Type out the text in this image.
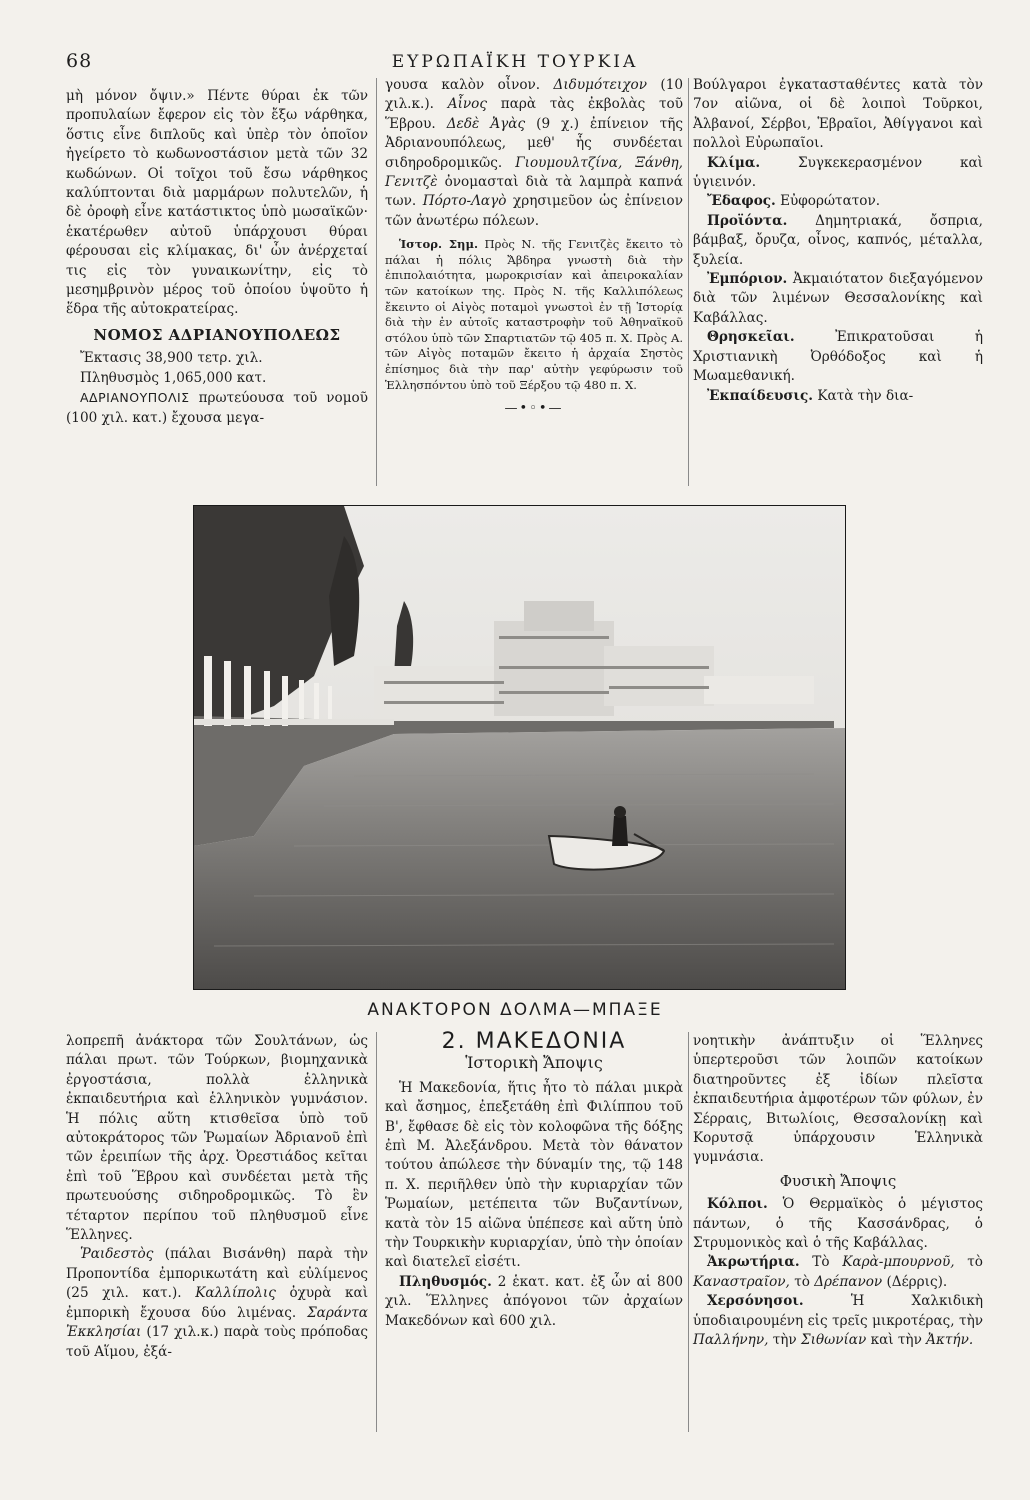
68	ΕΥΡΩΠΑΪΚΗ ΤΟΥΡΚΙΑ

μὴ μόνον ὄψιν.» Πέντε θύραι ἐκ τῶν προπυλαίων ἔφερον εἰς τὸν ἔξω νάρθηκα, ὅστις εἶνε διπλοῦς καὶ ὑπὲρ τὸν ὁποῖον ἠγείρετο τὸ κωδωνοστάσιον μετὰ τῶν 32 κωδώνων. Οἱ τοῖχοι τοῦ ἔσω νάρθηκος καλύπτονται διὰ μαρμάρων πολυτελῶν, ἡ δὲ ὀροφὴ εἶνε κατάστικτος ὑπὸ μωσαϊκῶν· ἑκατέρωθεν αὐτοῦ ὑπάρχουσι θύραι φέρουσαι εἰς κλίμακας, δι' ὧν ἀνέρχεταί τις εἰς τὸν γυναικωνίτην, εἰς τὸ μεσημβρινὸν μέρος τοῦ ὁποίου ὑψοῦτο ἡ ἕδρα τῆς αὐτοκρατείρας.

ΝΟΜΟΣ ΑΔΡΙΑΝΟΥΠΟΛΕΩΣ

Ἔκτασις 38,900 τετρ. χιλ.

Πληθυσμὸς 1,065,000 κατ.

ΑΔΡΙΑΝΟΥΠΟΛΙΣ πρωτεύουσα τοῦ νομοῦ (100 χιλ. κατ.) ἔχουσα μεγα-

γουσα καλὸν οἶνον. Διδυμότειχον (10 χιλ.κ.). Αἶνος παρὰ τὰς ἐκβολὰς τοῦ Ἕβρου. Δεδὲ Ἀγὰς (9 χ.) ἐπίνειον τῆς Ἀδριανουπόλεως, μεθ' ἧς συνδέεται σιδηροδρομικῶς. Γιουμουλτζίνα, Ξάνθη, Γενιτζὲ ὀνομασταὶ διὰ τὰ λαμπρὰ καπνά των. Πόρτο-Λαγὸ χρησιμεῦον ὡς ἐπίνειον τῶν ἀνωτέρω πόλεων.

Ἱστορ. Σημ. Πρὸς Ν. τῆς Γενιτζὲς ἔκειτο τὸ πάλαι ἡ πόλις Ἄβδηρα γνωστὴ διὰ τὴν ἐπιπολαιότητα, μωροκρισίαν καὶ ἀπειροκαλίαν τῶν κατοίκων της. Πρὸς Ν. τῆς Καλλιπόλεως ἔκειντο οἱ Αἰγὸς ποταμοὶ γνωστοὶ ἐν τῇ Ἱστορίᾳ διὰ τὴν ἐν αὐτοῖς καταστροφὴν τοῦ Ἀθηναϊκοῦ στόλου ὑπὸ τῶν Σπαρτιατῶν τῷ 405 π. Χ. Πρὸς Α. τῶν Αἰγὸς ποταμῶν ἔκειτο ἡ ἀρχαία Σηστὸς ἐπίσημος διὰ τὴν παρ' αὐτὴν γεφύρωσιν τοῦ Ἑλλησπόντου ὑπὸ τοῦ Ξέρξου τῷ 480 π. Χ.

—•◦•—

Βούλγαροι ἐγκατασταθέντες κατὰ τὸν 7ον αἰῶνα, οἱ δὲ λοιποὶ Τοῦρκοι, Ἀλβανοί, Σέρβοι, Ἑβραῖοι, Ἀθίγγανοι καὶ πολλοὶ Εὐρωπαῖοι.

Κλίμα.	Συγκεκερασμένον καὶ ὑγιεινόν.

Ἔδαφος. Εὐφορώτατον.

Προϊόντα. Δημητριακά, ὄσπρια, βάμβαξ, ὄρυζα, οἶνος, καπνός, μέταλλα, ξυλεία.

Ἐμπόριον. Ἀκμαιότατον διεξαγόμενον διὰ τῶν λιμένων Θεσσαλονίκης καὶ Καβάλλας.

Θρησκεῖαι.	Ἐπικρατοῦσαι ἡ Χριστιανικὴ Ὀρθόδοξος καὶ ἡ Μωαμεθανική.

Ἐκπαίδευσις. Κατὰ τὴν δια-

ΑΝΑΚΤΟΡΟΝ ΔΟΛΜΑ—ΜΠΑΞΕ

λοπρεπῆ ἀνάκτορα τῶν Σουλτάνων, ὡς πάλαι πρωτ. τῶν Τούρκων, βιομηχανικὰ ἐργοστάσια, πολλὰ ἑλληνικὰ ἐκπαιδευτήρια καὶ ἑλληνικὸν γυμνάσιον. Ἡ πόλις αὕτη κτισθεῖσα ὑπὸ τοῦ αὐτοκράτορος τῶν Ῥωμαίων Ἀδριανοῦ ἐπὶ τῶν ἐρειπίων τῆς ἀρχ. Ὀρεστιάδος κεῖται ἐπὶ τοῦ Ἕβρου καὶ συνδέεται μετὰ τῆς πρωτευούσης σιδηροδρομικῶς. Τὸ ἓν τέταρτον περίπου τοῦ πληθυσμοῦ εἶνε Ἕλληνες.

Ῥαιδεστὸς (πάλαι Βισάνθη) παρὰ τὴν Προποντίδα ἐμπορικωτάτη καὶ εὐλίμενος (25 χιλ. κατ.). Καλλίπολις ὀχυρὰ καὶ ἐμπορικὴ ἔχουσα δύο λιμένας. Σαράντα Ἐκκλησίαι (17 χιλ.κ.) παρὰ τοὺς πρόποδας τοῦ Αἵμου, ἐξά-

2. ΜΑΚΕΔΟΝΙΑ
Ἱστορικὴ Ἄποψις

Ἡ Μακεδονία, ἥτις ἦτο τὸ πάλαι μικρὰ καὶ ἄσημος, ἐπεξετάθη ἐπὶ Φιλίππου τοῦ Β', ἔφθασε δὲ εἰς τὸν κολοφῶνα τῆς δόξης ἐπὶ Μ. Ἀλεξάνδρου. Μετὰ τὸν θάνατον τούτου ἀπώλεσε τὴν δύναμίν της, τῷ 148 π. Χ. περιῆλθεν ὑπὸ τὴν κυριαρχίαν τῶν Ῥωμαίων, μετέπειτα τῶν Βυζαντίνων, κατὰ τὸν 15 αἰῶνα ὑπέπεσε καὶ αὕτη ὑπὸ τὴν Τουρκικὴν κυριαρχίαν, ὑπὸ τὴν ὁποίαν καὶ διατελεῖ εἰσέτι.

Πληθυσμός. 2 ἑκατ. κατ. ἐξ ὧν αἱ 800 χιλ. Ἕλληνες ἀπόγονοι τῶν ἀρχαίων Μακεδόνων καὶ 600 χιλ.

νοητικὴν ἀνάπτυξιν οἱ Ἕλληνες ὑπερτεροῦσι τῶν λοιπῶν κατοίκων διατηροῦντες ἐξ ἰδίων πλεῖστα ἐκπαιδευτήρια ἀμφοτέρων τῶν φύλων, ἐν Σέρραις, Βιτωλίοις, Θεσσαλονίκῃ καὶ Κορυτσᾷ ὑπάρχουσιν Ἑλληνικὰ γυμνάσια.

Φυσικὴ Ἄποψις

Κόλποι. Ὁ Θερμαϊκὸς ὁ μέγιστος πάντων, ὁ τῆς Κασσάνδρας, ὁ Στρυμονικὸς καὶ ὁ τῆς Καβάλλας.

Ἀκρωτήρια. Τὸ Καρὰ-μπουρνοῦ, τὸ Καναστραῖον, τὸ Δρέπανον (Δέρρις).

Χερσόνησοι.	Ἡ Χαλκιδικὴ ὑποδιαιρουμένη εἰς τρεῖς μικροτέρας, τὴν Παλλήνην, τὴν Σιθωνίαν καὶ τὴν Ἀκτήν.
